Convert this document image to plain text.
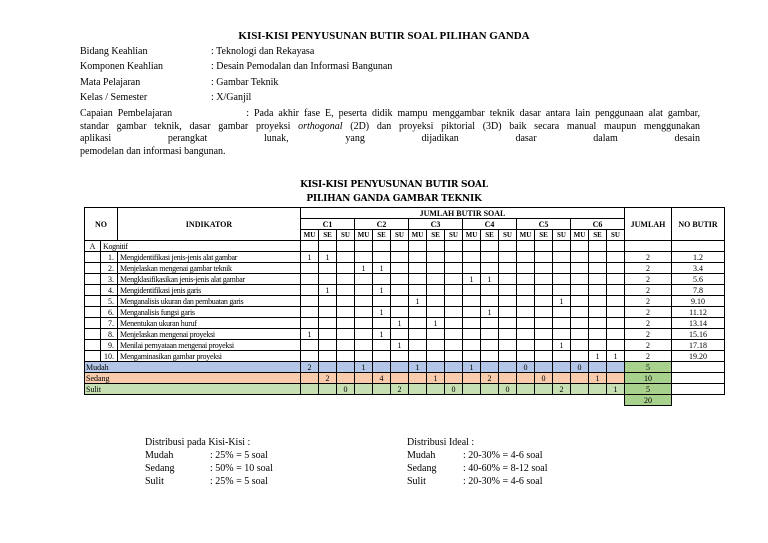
KISI-KISI PENYUSUNAN BUTIR SOAL PILIHAN GANDA
Bidang Keahlian	: Teknologi dan Rekayasa
Komponen Keahlian	: Desain Pemodalan dan Informasi Bangunan
Mata Pelajaran	: Gambar Teknik
Kelas / Semester	: X/Ganjil
Capaian Pembelajaran	: Pada akhir fase E, peserta didik mampu menggambar teknik dasar antara lain penggunaan alat gambar,
standar gambar teknik, dasar gambar proyeksi orthogonal (2D) dan proyeksi piktorial (3D) baik secara manual maupun menggunakan
aplikasi perangkat lunak, yang dijadikan dasar dalam desain
pemodelan dan informasi bangunan.
KISI-KISI PENYUSUNAN BUTIR SOAL
PILIHAN GANDA GAMBAR TEKNIK
NO		INDIKATOR	JUMLAH BUTIR SOAL																		JUMLAH	NO BUTIR
			C1			C2			C3			C4			C5			C6				
			MU	SE	SU	MU	SE	SU	MU	SE	SU	MU	SE	SU	MU	SE	SU	MU	SE	SU		
A	Kognitif																					
	1.	Mengidentifikasi jenis-jenis alat gambar	1	1																	2	1.2
	2.	Menjelaskan mengenai gambar teknik				1	1														2	3.4
	3.	Mengklasifikasikan jenis-jenis alat gambar										1	1								2	5.6
	4.	Mengidentifikasi jenis garis		1			1														2	7.8
	5.	Menganalisis ukuran dan pembuatan garis							1								1				2	9.10
	6.	Menganalisis fungsi garis					1						1								2	11.12
	7.	Menentukan ukuran huruf						1		1											2	13.14
	8.	Menjelaskan mengenai proyeksi	1				1														2	15.16
	9.	Menilai pernyataan mengenai proyeksi						1									1				2	17.18
	10.	Mengaminasikan gambar proyeksi																	1	1	2	19.20
Mudah			2			1			1			1			0			0			5	
Sedang				2			4			1			2			0			1		10	
Sulit					0			2			0			0			2			1	5	
																					20	
Distribusi pada Kisi-Kisi :
Mudah	: 25% = 5 soal
Sedang	: 50% = 10 soal
Sulit	: 25% = 5 soal
Distribusi Ideal :
Mudah	: 20-30% = 4-6 soal
Sedang	: 40-60% = 8-12 soal
Sulit	: 20-30% = 4-6 soal
